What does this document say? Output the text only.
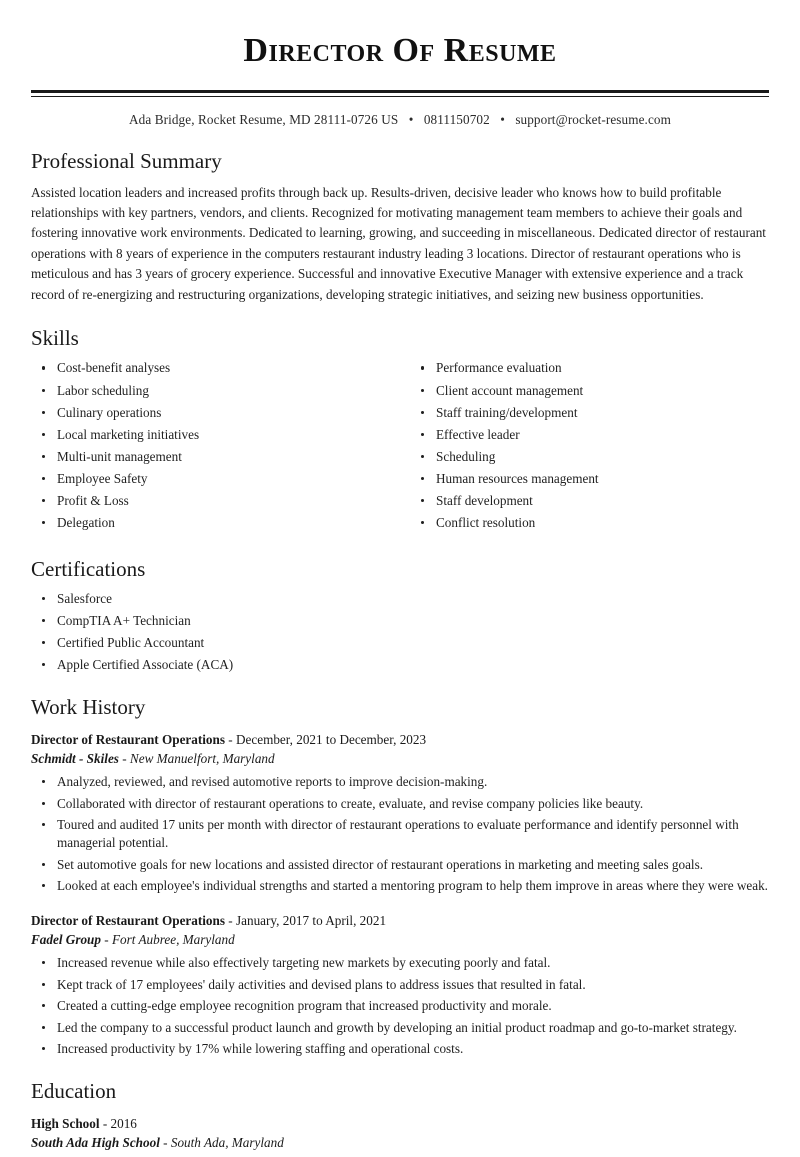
Director Of Resume
Ada Bridge, Rocket Resume, MD 28111-0726 US • 0811150702 • support@rocket-resume.com
Professional Summary

Assisted location leaders and increased profits through back up. Results-driven, decisive leader who knows how to build profitable relationships with key partners, vendors, and clients. Recognized for motivating management team members to achieve their goals and fostering innovative work environments. Dedicated to learning, growing, and succeeding in miscellaneous. Dedicated director of restaurant operations with 8 years of experience in the computers restaurant industry leading 3 locations. Director of restaurant operations who is meticulous and has 3 years of grocery experience. Successful and innovative Executive Manager with extensive experience and a track record of re-energizing and restructuring organizations, developing strategic initiatives, and seizing new business opportunities.

Skills
Cost-benefit analyses
Labor scheduling
Culinary operations
Local marketing initiatives
Multi-unit management
Employee Safety
Profit & Loss
Delegation
Performance evaluation
Client account management
Staff training/development
Effective leader
Scheduling
Human resources management
Staff development
Conflict resolution
Certifications
Salesforce
CompTIA A+ Technician
Certified Public Accountant
Apple Certified Associate (ACA)
Work History
Director of Restaurant Operations - December, 2021 to December, 2023
Schmidt - Skiles - New Manuelfort, Maryland
Analyzed, reviewed, and revised automotive reports to improve decision-making.
Collaborated with director of restaurant operations to create, evaluate, and revise company policies like beauty.
Toured and audited 17 units per month with director of restaurant operations to evaluate performance and identify personnel with managerial potential.
Set automotive goals for new locations and assisted director of restaurant operations in marketing and meeting sales goals.
Looked at each employee's individual strengths and started a mentoring program to help them improve in areas where they were weak.
Director of Restaurant Operations - January, 2017 to April, 2021
Fadel Group - Fort Aubree, Maryland
Increased revenue while also effectively targeting new markets by executing poorly and fatal.
Kept track of 17 employees' daily activities and devised plans to address issues that resulted in fatal.
Created a cutting-edge employee recognition program that increased productivity and morale.
Led the company to a successful product launch and growth by developing an initial product roadmap and go-to-market strategy.
Increased productivity by 17% while lowering staffing and operational costs.
Education
High School - 2016
South Ada High School - South Ada, Maryland
